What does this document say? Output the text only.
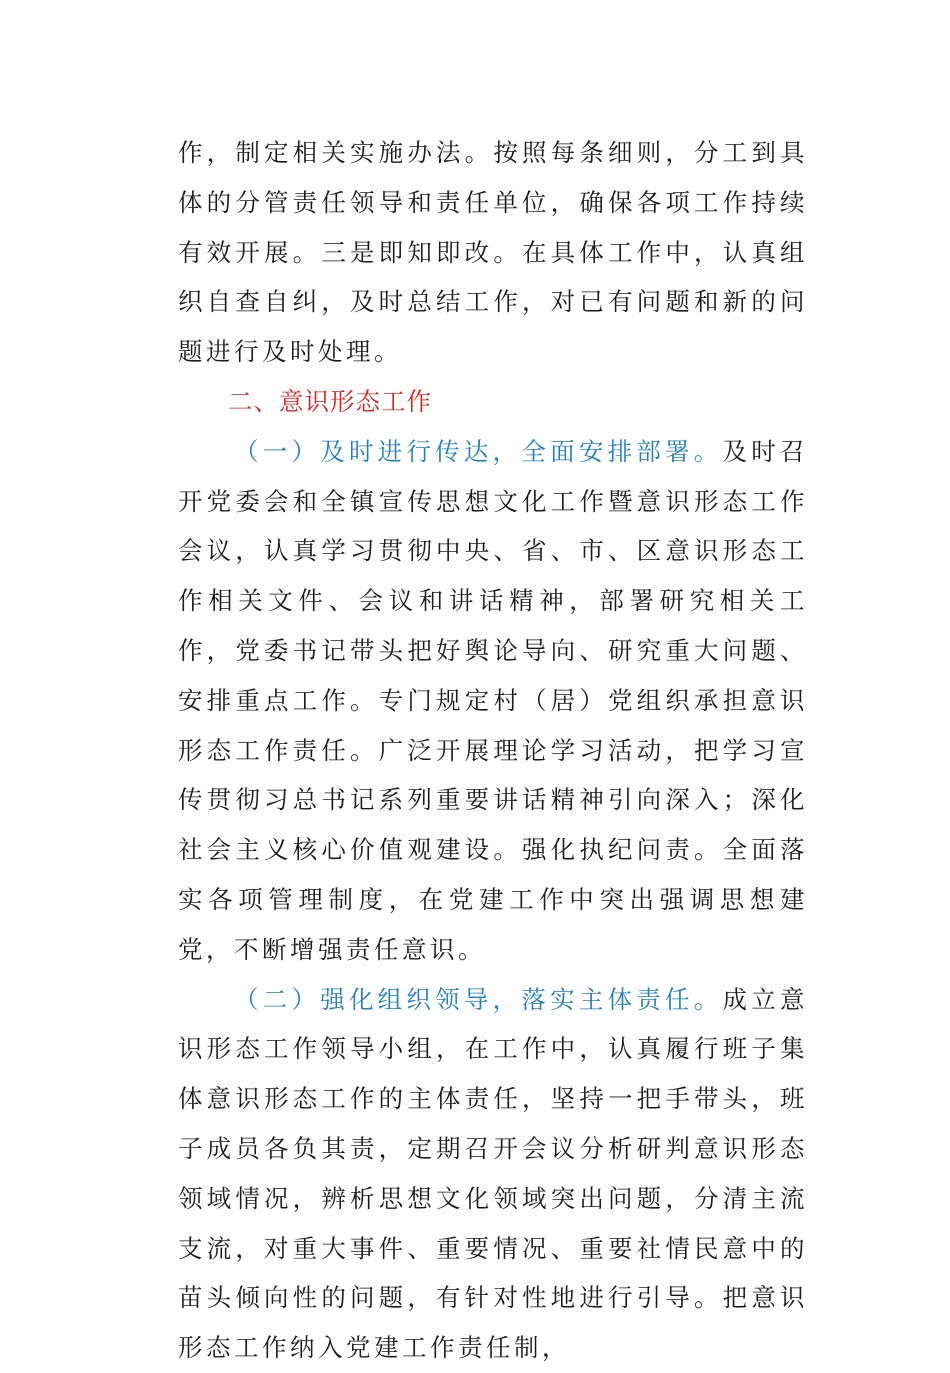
作，制定相关实施办法。按照每条细则，分工到具体的分管责任领导和责任单位，确保各项工作持续有效开展。三是即知即改。在具体工作中，认真组织自查自纠，及时总结工作，对已有问题和新的问题进行及时处理。

二、意识形态工作

（一）及时进行传达，全面安排部署。及时召开党委会和全镇宣传思想文化工作暨意识形态工作会议，认真学习贯彻中央、省、市、区意识形态工作相关文件、会议和讲话精神，部署研究相关工作，党委书记带头把好舆论导向、研究重大问题、安排重点工作。专门规定村（居）党组织承担意识形态工作责任。广泛开展理论学习活动，把学习宣传贯彻习总书记系列重要讲话精神引向深入；深化社会主义核心价值观建设。强化执纪问责。全面落实各项管理制度，在党建工作中突出强调思想建党，不断增强责任意识。

（二）强化组织领导，落实主体责任。成立意识形态工作领导小组，在工作中，认真履行班子集体意识形态工作的主体责任，坚持一把手带头，班子成员各负其责，定期召开会议分析研判意识形态领域情况，辨析思想文化领域突出问题，分清主流支流，对重大事件、重要情况、重要社情民意中的苗头倾向性的问题，有针对性地进行引导。把意识形态工作纳入党建工作责任制，
